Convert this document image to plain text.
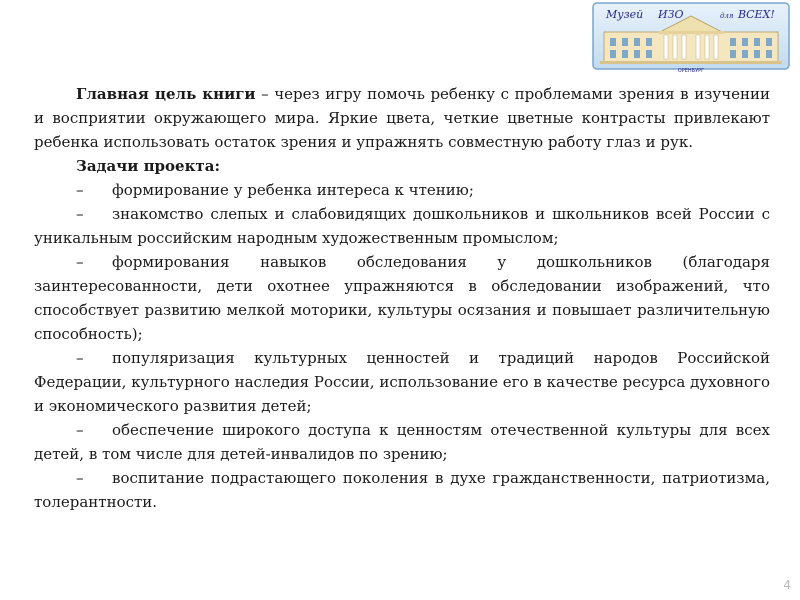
Музей ИЗО	для ВСЕХ!
ОРЕНБУРГ

Главная цель книги – через игру помочь ребенку с проблемами зрения в изучении и восприятии окружающего мира. Яркие цвета, четкие цветные контрасты привлекают ребенка использовать остаток зрения и упражнять совместную работу глаз и рук.

Задачи проекта:

– формирование у ребенка интереса к чтению;

– знакомство слепых и слабовидящих дошкольников и школьников всей России с уникальным российским народным художественным промыслом;

– формирования навыков обследования у дошкольников (благодаря заинтересованности, дети охотнее упражняются в обследовании изображений, что способствует развитию мелкой моторики, культуры осязания и повышает различительную способность);

– популяризация культурных ценностей и традиций народов Российской Федерации, культурного наследия России, использование его в качестве ресурса духовного и экономического развития детей;

– обеспечение широкого доступа к ценностям отечественной культуры для всех детей, в том числе для детей-инвалидов по зрению;

– воспитание подрастающего поколения в духе гражданственности, патриотизма, толерантности.

4
